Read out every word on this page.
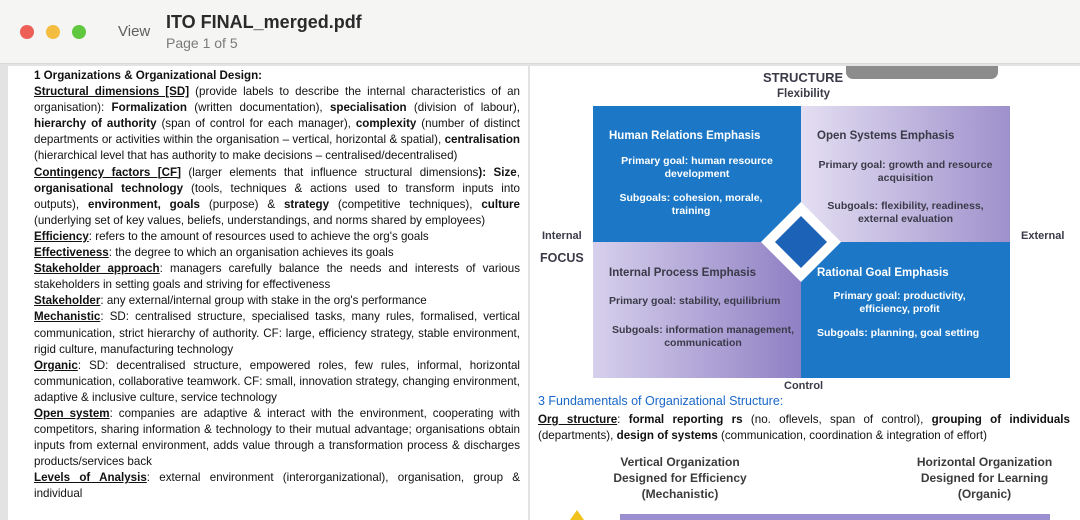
View ITO FINAL_merged.pdf
Page 1 of 5

1 Organizations & Organizational Design:

Structural dimensions [SD] (provide labels to describe the internal characteristics of an organisation): Formalization (written documentation), specialisation (division of labour), hierarchy of authority (span of control for each manager), complexity (number of distinct departments or activities within the organisation – vertical, horizontal & spatial), centralisation (hierarchical level that has authority to make decisions – centralised/decentralised)

Contingency factors [CF] (larger elements that influence structural dimensions): Size, organisational technology (tools, techniques & actions used to transform inputs into outputs), environment, goals (purpose) & strategy (competitive techniques), culture (underlying set of key values, beliefs, understandings, and norms shared by employees)

Efficiency: refers to the amount of resources used to achieve the org's goals

Effectiveness: the degree to which an organisation achieves its goals

Stakeholder approach: managers carefully balance the needs and interests of various stakeholders in setting goals and striving for effectiveness

Stakeholder: any external/internal group with stake in the org's performance

Mechanistic: SD: centralised structure, specialised tasks, many rules, formalised, vertical communication, strict hierarchy of authority. CF: large, efficiency strategy, stable environment, rigid culture, manufacturing technology

Organic: SD: decentralised structure, empowered roles, few rules, informal, horizontal communication, collaborative teamwork. CF: small, innovation strategy, changing environment, adaptive & inclusive culture, service technology

Open system: companies are adaptive & interact with the environment, cooperating with competitors, sharing information & technology to their mutual advantage; organisations obtain inputs from external environment, adds value through a transformation process & discharges products/services back

Levels of Analysis: external environment (interorganizational), organisation, group & individual

STRUCTURE
Flexibility
Internal
FOCUS
External
Control
Human Relations Emphasis
Primary goal: human resource
development
Subgoals: cohesion, morale,
training
Open Systems Emphasis
Primary goal: growth and resource
acquisition
Subgoals: flexibility, readiness,
external evaluation
Internal Process Emphasis
Primary goal: stability, equilibrium
Subgoals: information management,
communication
Rational Goal Emphasis
Primary goal: productivity,
efficiency, profit
Subgoals: planning, goal setting
3 Fundamentals of Organizational Structure:
Org structure: formal reporting rs (no. oflevels, span of control), grouping of individuals (departments), design of systems (communication, coordination & integration of effort)
Vertical Organization
Designed for Efficiency
(Mechanistic)
Horizontal Organization
Designed for Learning
(Organic)
